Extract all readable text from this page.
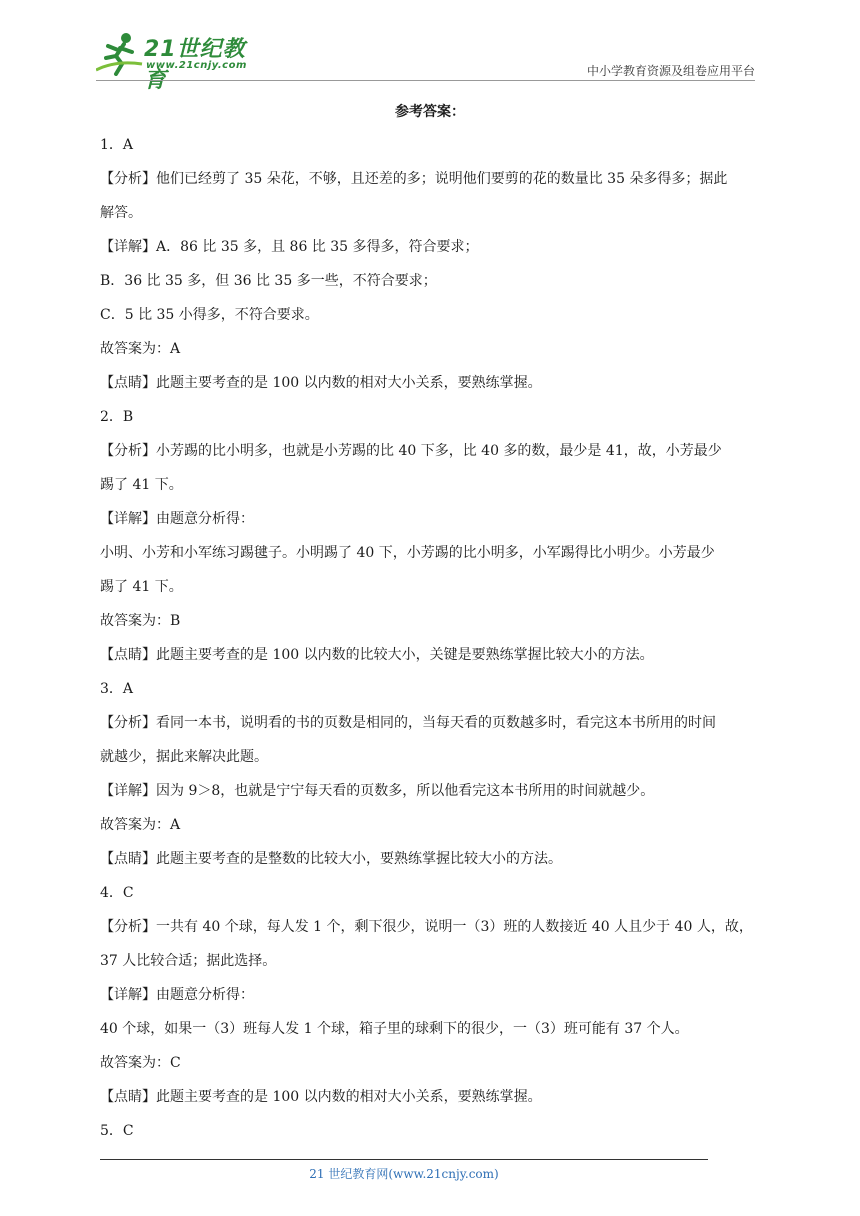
21世纪教育
www.21cnjy.com	中小学教育资源及组卷应用平台
参考答案：

1．A

【分析】他们已经剪了 35 朵花，不够，且还差的多；说明他们要剪的花的数量比 35 朵多得多；据此

解答。

【详解】A．86 比 35 多，且 86 比 35 多得多，符合要求；

B．36 比 35 多，但 36 比 35 多一些，不符合要求；

C．5 比 35 小得多，不符合要求。

故答案为：A

【点睛】此题主要考查的是 100 以内数的相对大小关系，要熟练掌握。

2．B

【分析】小芳踢的比小明多，也就是小芳踢的比 40 下多，比 40 多的数，最少是 41，故，小芳最少

踢了 41 下。

【详解】由题意分析得：

小明、小芳和小军练习踢毽子。小明踢了 40 下，小芳踢的比小明多，小军踢得比小明少。小芳最少

踢了 41 下。

故答案为：B

【点睛】此题主要考查的是 100 以内数的比较大小，关键是要熟练掌握比较大小的方法。

3．A

【分析】看同一本书，说明看的书的页数是相同的，当每天看的页数越多时，看完这本书所用的时间

就越少，据此来解决此题。

【详解】因为 9＞8，也就是宁宁每天看的页数多，所以他看完这本书所用的时间就越少。

故答案为：A

【点睛】此题主要考查的是整数的比较大小，要熟练掌握比较大小的方法。

4．C

【分析】一共有 40 个球，每人发 1 个，剩下很少，说明一（3）班的人数接近 40 人且少于 40 人，故，

37 人比较合适；据此选择。

【详解】由题意分析得：

40 个球，如果一（3）班每人发 1 个球，箱子里的球剩下的很少，一（3）班可能有 37 个人。

故答案为：C

【点睛】此题主要考查的是 100 以内数的相对大小关系，要熟练掌握。

5．C

21 世纪教育网(www.21cnjy.com)
